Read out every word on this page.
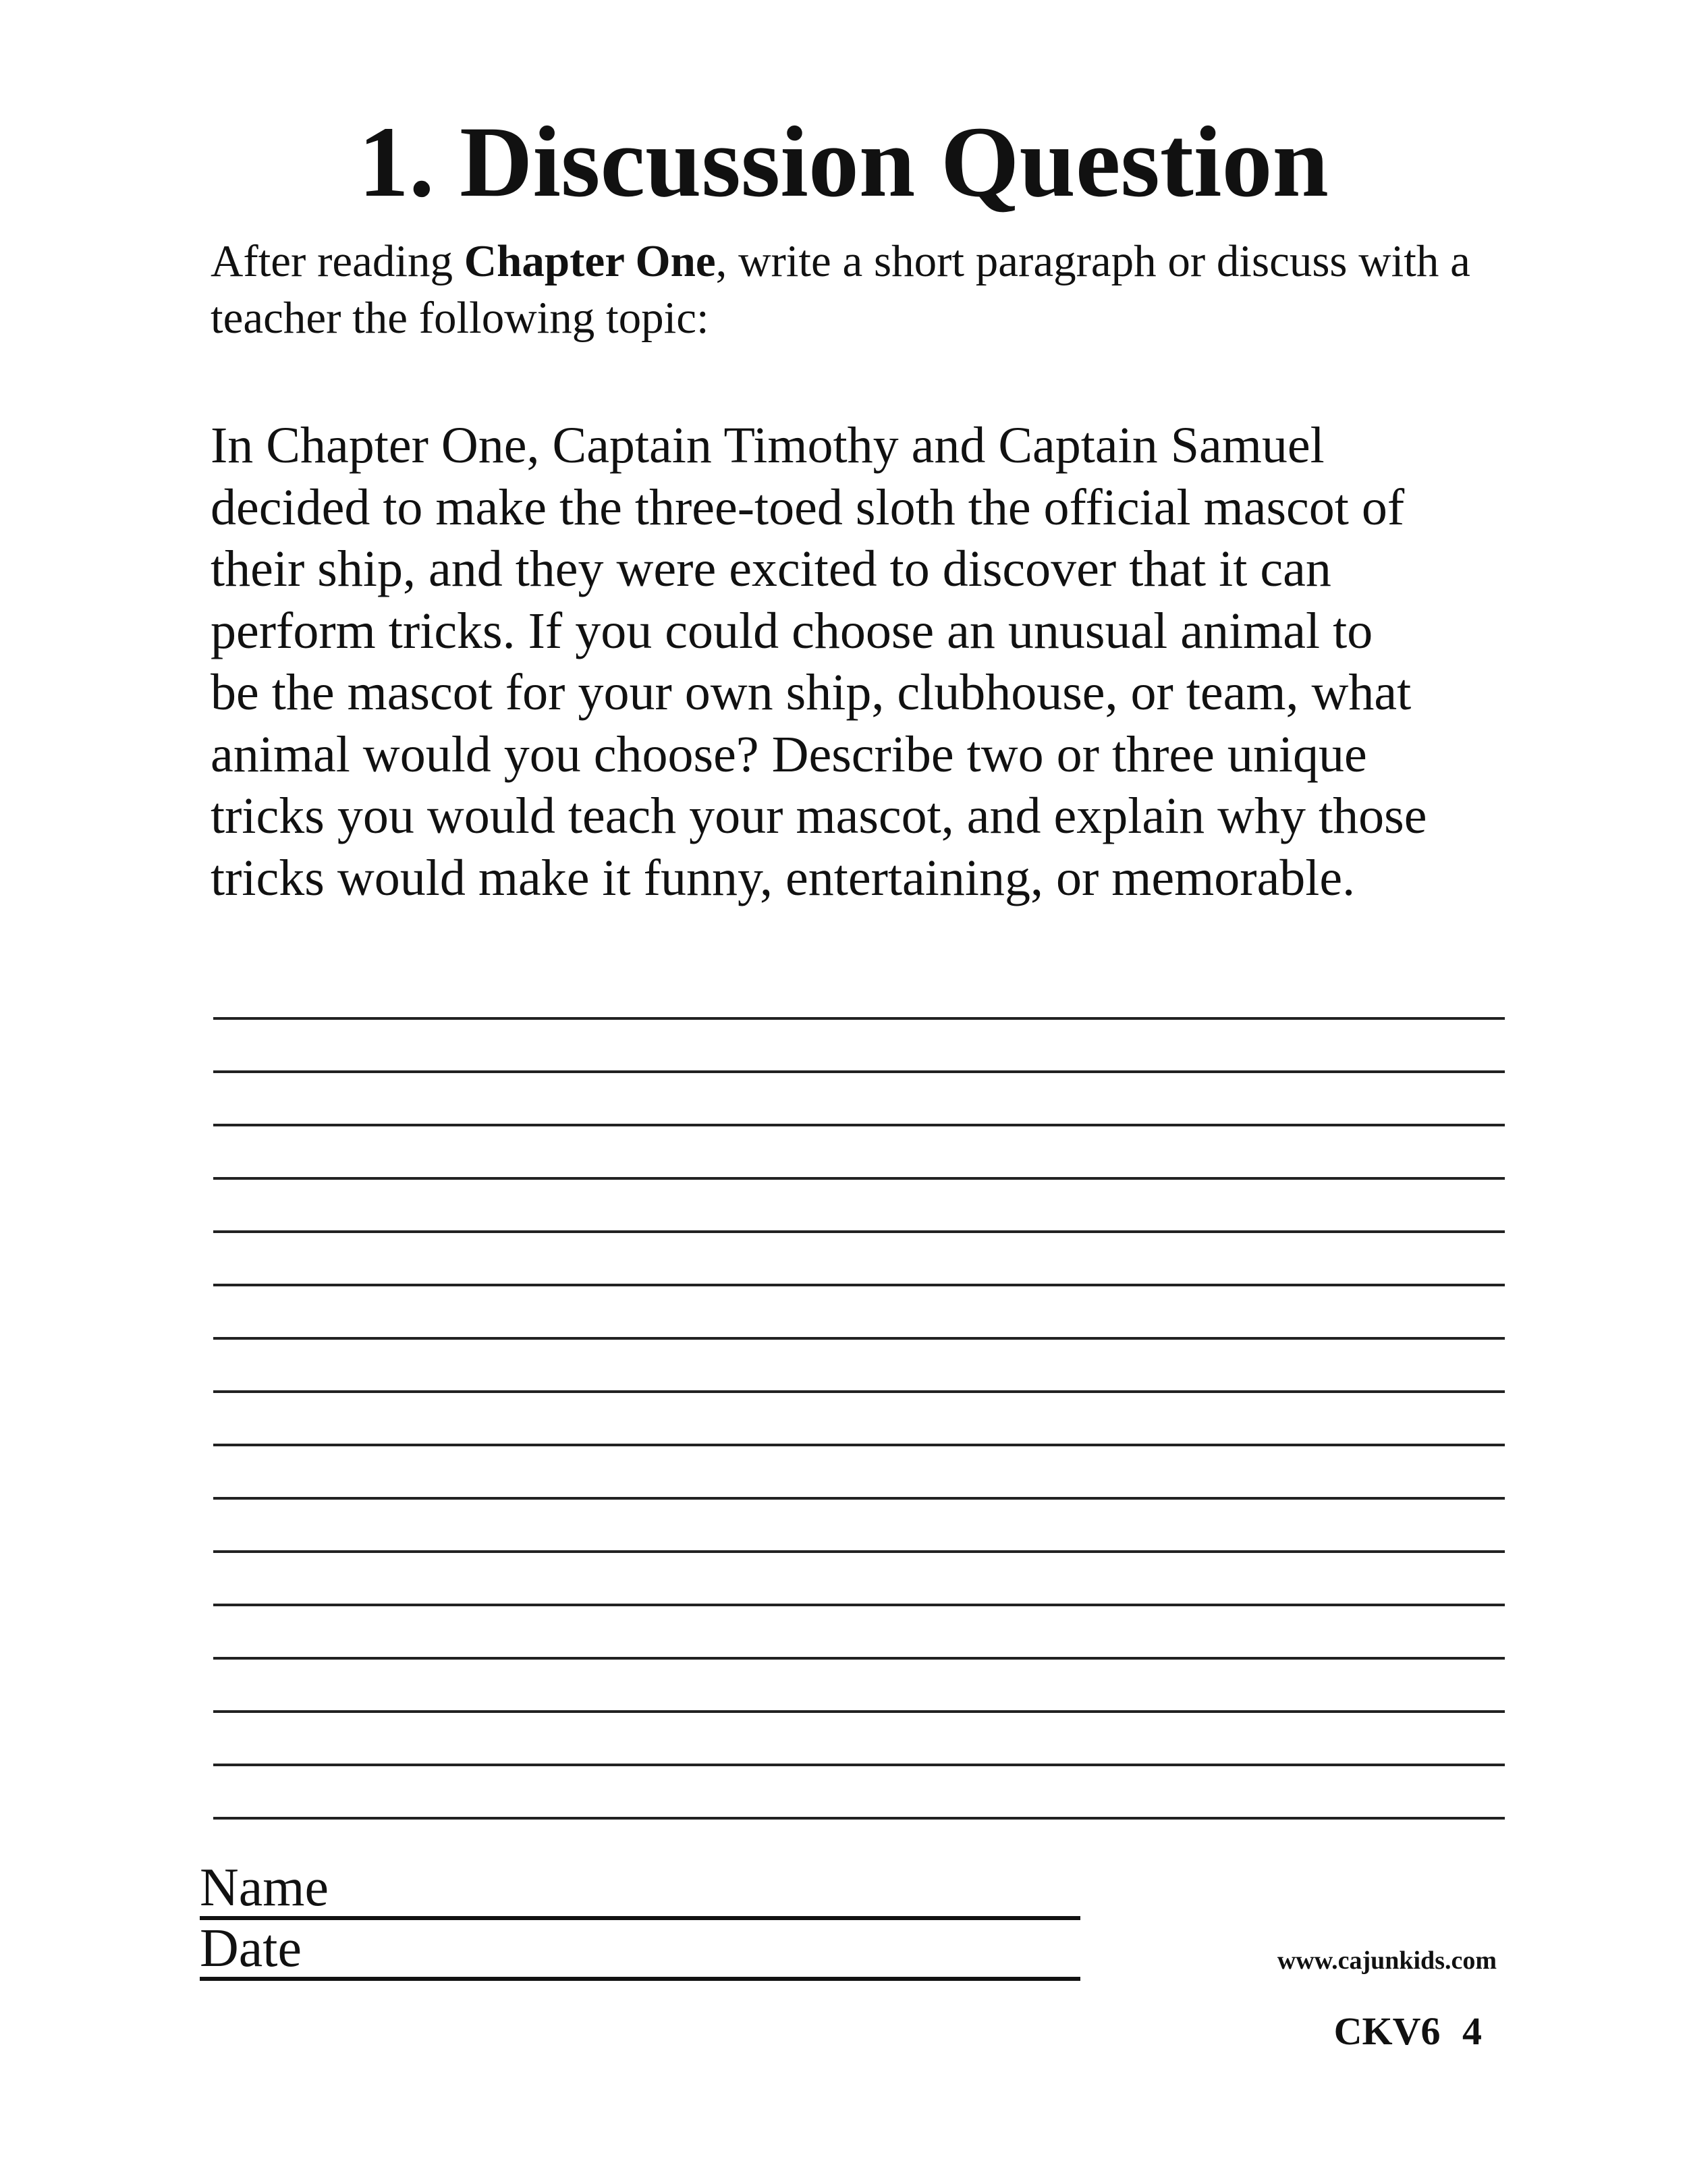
1. Discussion Question

After reading Chapter One, write a short paragraph or discuss with a teacher the following topic:

In Chapter One, Captain Timothy and Captain Samuel
decided to make the three-toed sloth the official mascot of
their ship, and they were excited to discover that it can
perform tricks. If you could choose an unusual animal to
be the mascot for your own ship, clubhouse, or team, what
animal would you choose? Describe two or three unique
tricks you would teach your mascot, and explain why those
tricks would make it funny, entertaining, or memorable.

Name
Date	www.cajunkids.com
CKV6 4
